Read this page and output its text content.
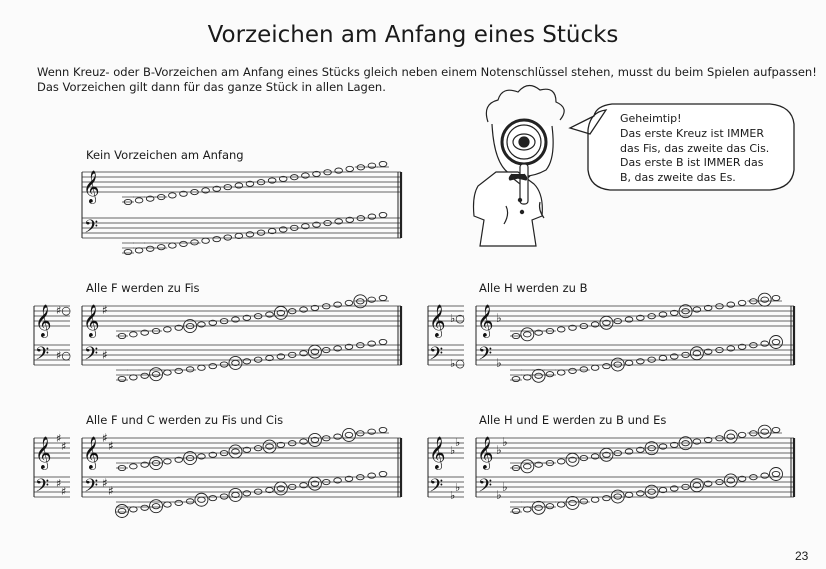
Vorzeichen am Anfang eines Stücks
Wenn Kreuz- oder B-Vorzeichen am Anfang eines Stücks gleich neben einem Notenschlüssel stehen, musst du beim Spielen aufpassen!
Das Vorzeichen gilt dann für das ganze Stück in allen Lagen.
Kein Vorzeichen am Anfang
Alle F werden zu Fis	Alle H werden zu B
Alle F und C werden zu Fis und Cis	Alle H und E werden zu B und Es
𝄞
𝄢
𝄞
𝄢
♯○
♯○
𝄞
𝄢
♯
♯
𝄞
𝄢
♭○
♭○
𝄞
𝄢
♭
♭
𝄞
𝄢
♯
♯
♯
♯
𝄞
𝄢
♯
♯
♯
♯
𝄞
𝄢
♭
♭
♭
♭
𝄞
𝄢
♭
♭
♭
♭
Geheimtip!
Das erste Kreuz ist IMMER
das Fis, das zweite das Cis.
Das erste B ist IMMER das
B, das zweite das Es.
23
